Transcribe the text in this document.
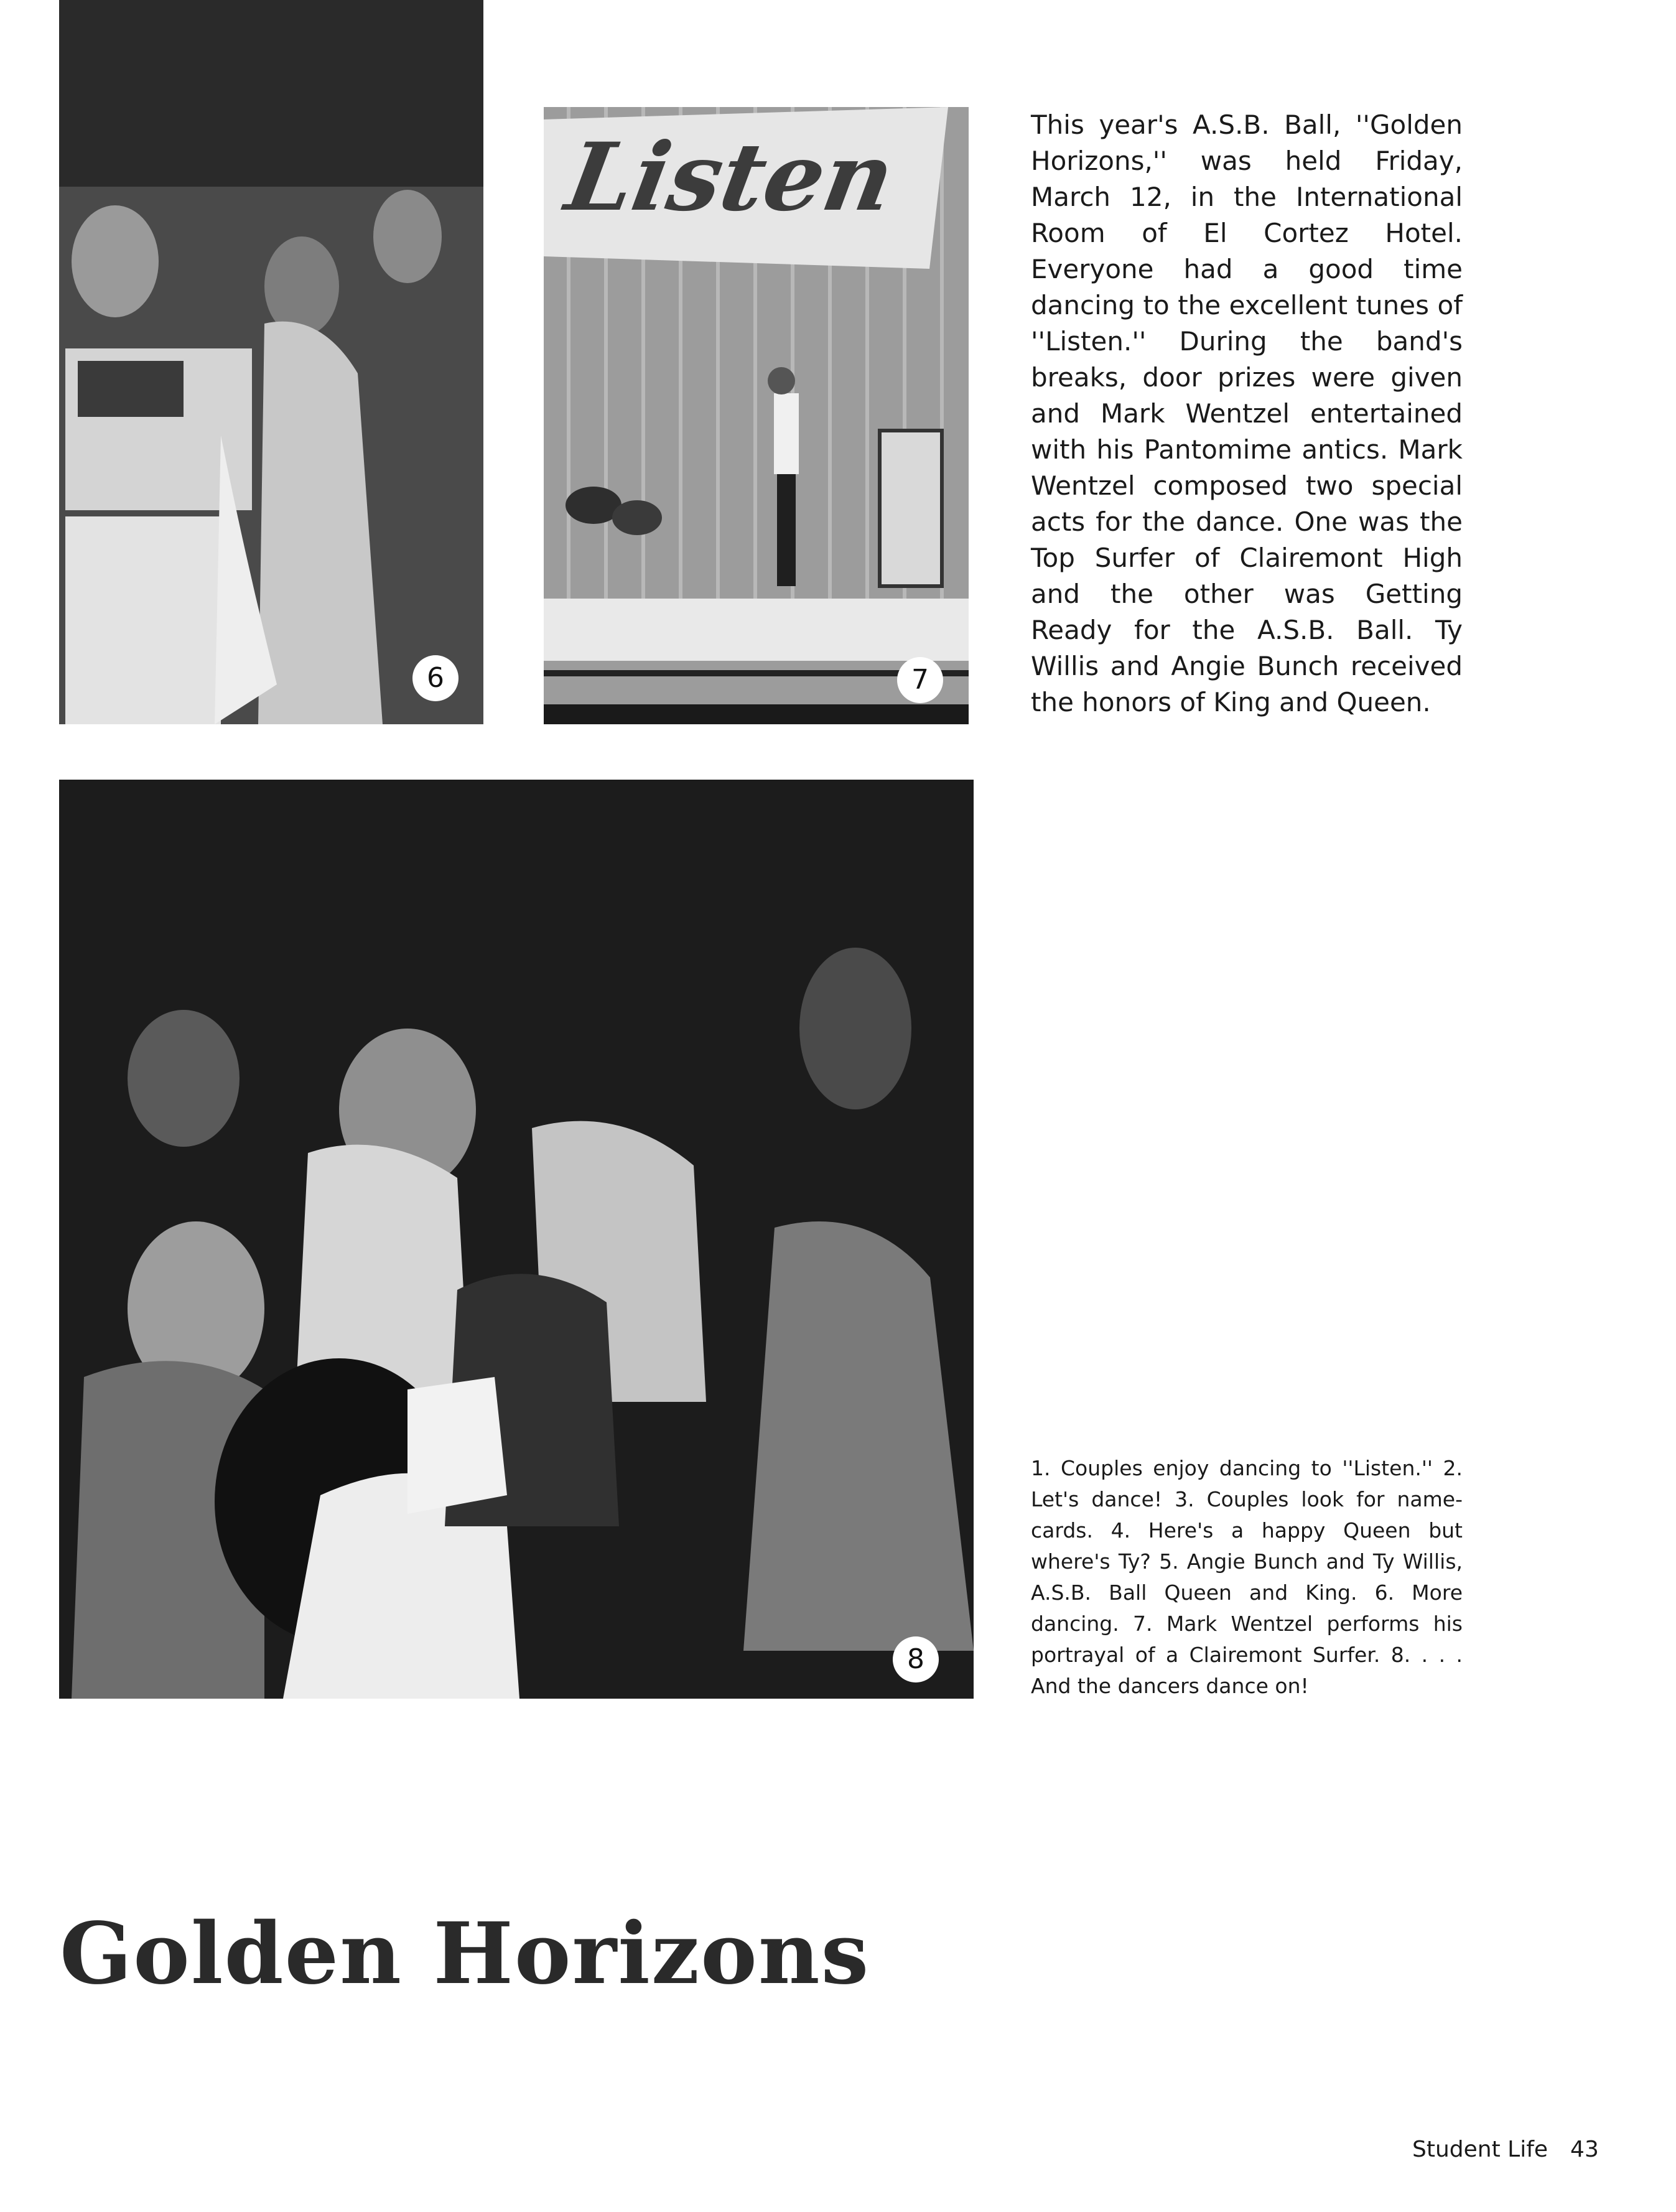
6
Listen
7
8

This year's A.S.B. Ball, ''Golden Horizons,'' was held Friday, March 12, in the International Room of El Cortez Hotel. Everyone had a good time dancing to the excellent tunes of ''Listen.'' During the band's breaks, door prizes were given and Mark Wentzel entertained with his Pantomime antics. Mark Wentzel composed two special acts for the dance. One was the Top Surfer of Clairemont High and the other was Getting Ready for the A.S.B. Ball. Ty Willis and Angie Bunch received the honors of King and Queen.

1. Couples enjoy dancing to ''Listen.'' 2. Let's dance! 3. Couples look for name-cards. 4. Here's a happy Queen but where's Ty? 5. Angie Bunch and Ty Willis, A.S.B. Ball Queen and King. 6. More dancing. 7. Mark Wentzel performs his portrayal of a Clairemont Surfer. 8. . . . And the dancers dance on!

Golden Horizons
Student Life 43
